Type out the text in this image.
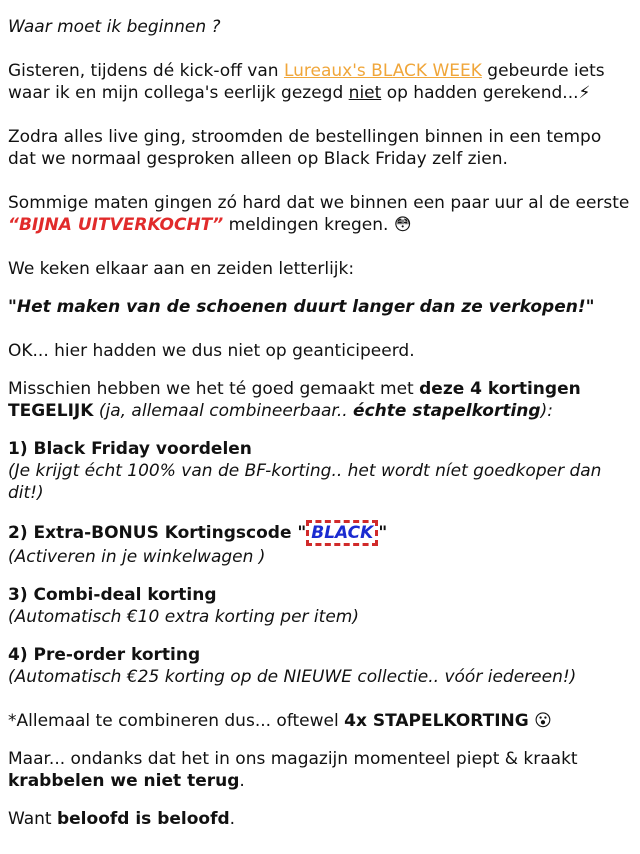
Waar moet ik beginnen ?

Gisteren, tijdens dé kick-off van Lureaux's BLACK WEEK gebeurde iets waar ik en mijn collega's eerlijk gezegd niet op hadden gerekend...⚡

Zodra alles live ging, stroomden de bestellingen binnen in een tempo dat we normaal gesproken alleen op Black Friday zelf zien.

Sommige maten gingen zó hard dat we binnen een paar uur al de eerste “BIJNA UITVERKOCHT” meldingen kregen. 😳

We keken elkaar aan en zeiden letterlijk:

"Het maken van de schoenen duurt langer dan ze verkopen!"

OK... hier hadden we dus niet op geanticipeerd.

Misschien hebben we het té goed gemaakt met deze 4 kortingen TEGELIJK (ja, allemaal combineerbaar.. échte stapelkorting):

1) Black Friday voordelen

(Je krijgt écht 100% van de BF-korting.. het wordt níet goedkoper dan dit!)

2) Extra-BONUS Kortingscode " BLACK "

(Activeren in je winkelwagen )

3) Combi-deal korting

(Automatisch €10 extra korting per item)

4) Pre-order korting

(Automatisch €25 korting op de NIEUWE collectie.. vóór iedereen!)

*Allemaal te combineren dus... oftewel 4x STAPELKORTING 😮

Maar... ondanks dat het in ons magazijn momenteel piept & kraakt krabbelen we niet terug.

Want beloofd is beloofd.
